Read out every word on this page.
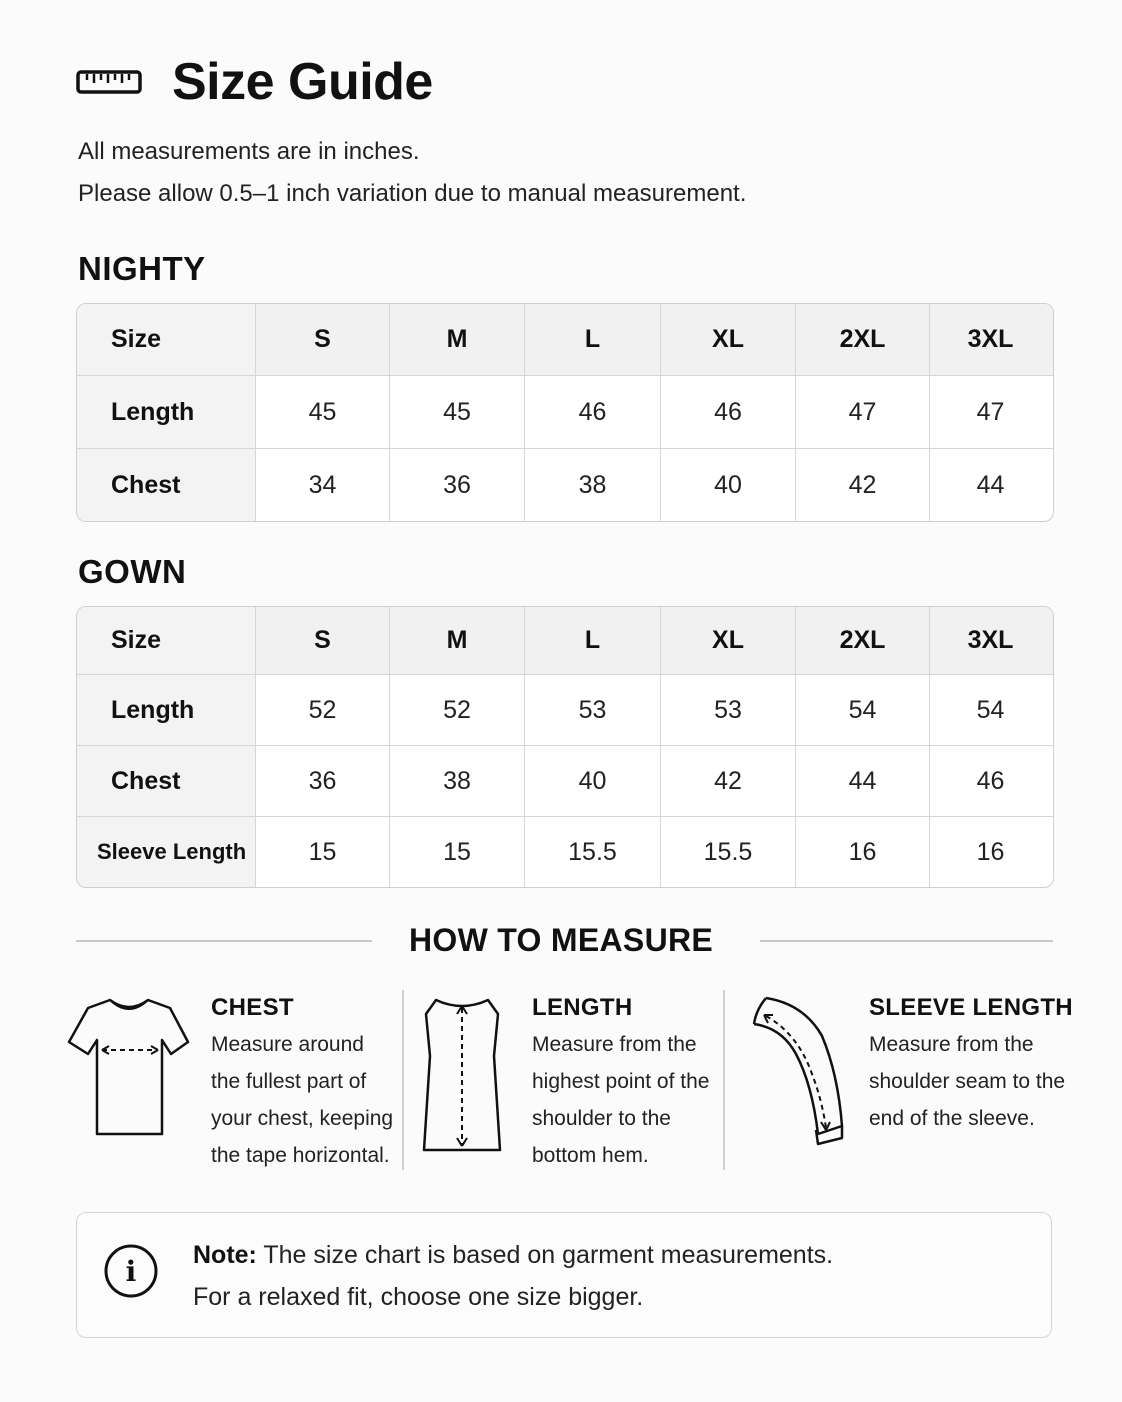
Size Guide
All measurements are in inches.
Please allow 0.5–1 inch variation due to manual measurement.
NIGHTY
Size	S	M	L	XL	2XL	3XL
Length	45	45	46	46	47	47
Chest	34	36	38	40	42	44
GOWN
Size	S	M	L	XL	2XL	3XL
Length	52	52	53	53	54	54
Chest	36	38	40	42	44	46
Sleeve Length	15	15	15.5	15.5	16	16
HOW TO MEASURE
CHEST
Measure around
the fullest part of
your chest, keeping
the tape horizontal.
LENGTH
Measure from the
highest point of the
shoulder to the
bottom hem.
SLEEVE LENGTH
Measure from the
shoulder seam to the
end of the sleeve.
i Note: The size chart is based on garment measurements.
For a relaxed fit, choose one size bigger.
